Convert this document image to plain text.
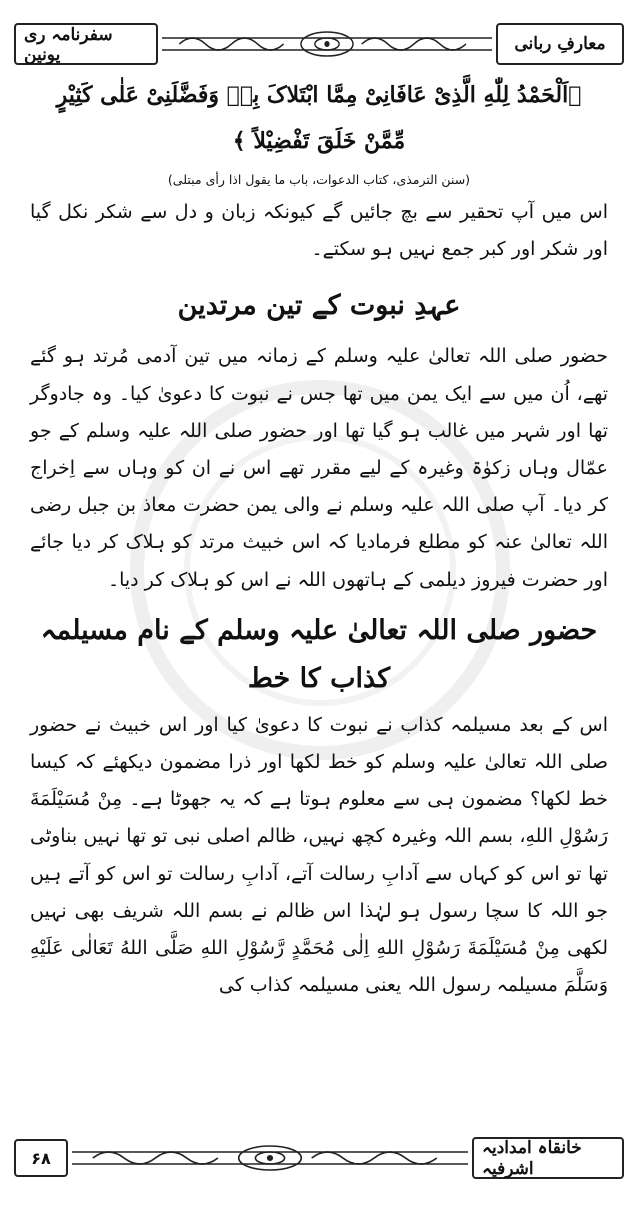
سفرنامہ ری یونین
معارفِ ربانی

﴿اَلْحَمْدُ لِلّٰهِ الَّذِیْ عَافَانِیْ مِمَّا ابْتَلاکَ بِهٖ وَفَضَّلَنِیْ عَلٰی كَثِیْرٍ

مِّمَّنْ خَلَقَ تَفْضِیْلاً ﴾

(سنن الترمذی، كتاب الدعوات، باب ما يقول اذا رأى مبتلى)

اس میں آپ تحقیر سے بچ جائیں گے کیونکہ زبان و دل سے شکر نکل گیا اور شکر اور کبر جمع نہیں ہو سکتے۔

عہدِ نبوت کے تین مرتدین

حضور صلی اللہ تعالیٰ علیہ وسلم کے زمانہ میں تین آدمی مُرتد ہو گئے تھے، اُن میں سے ایک یمن میں تھا جس نے نبوت کا دعویٰ کیا۔ وہ جادوگر تھا اور شہر میں غالب ہو گیا تھا اور حضور صلی اللہ علیہ وسلم کے جو عمّال وہاں زکوٰۃ وغیرہ کے لیے مقرر تھے اس نے ان کو وہاں سے اِخراج کر دیا۔ آپ صلی اللہ علیہ وسلم نے والی یمن حضرت معاذ بن جبل رضی اللہ تعالیٰ عنہ کو مطلع فرمادیا کہ اس خبیث مرتد کو ہلاک کر دیا جائے اور حضرت فیروز دیلمی کے ہاتھوں اللہ نے اس کو ہلاک کر دیا۔

حضور صلی اللہ تعالیٰ علیہ وسلم کے نام مسیلمہ کذاب کا خط

اس کے بعد مسیلمہ کذاب نے نبوت کا دعویٰ کیا اور اس خبیث نے حضور صلی اللہ تعالیٰ علیہ وسلم کو خط لکھا اور ذرا مضمون دیکھئے کہ کیسا خط لکھا؟ مضمون ہی سے معلوم ہوتا ہے کہ یہ جھوٹا ہے۔ مِنْ مُسَیْلَمَةَ رَسُوْلِ اللهِ، بسم اللہ وغیرہ کچھ نہیں، ظالم اصلی نبی تو تھا نہیں بناوٹی تھا تو اس کو کہاں سے آدابِ رسالت آتے، آدابِ رسالت تو اس کو آتے ہیں جو اللہ کا سچا رسول ہو لہٰذا اس ظالم نے بسم اللہ شریف بھی نہیں لکھی مِنْ مُسَیْلَمَةَ رَسُوْلِ اللهِ اِلٰی مُحَمَّدٍ رَّسُوْلِ اللهِ صَلَّی اللهُ تَعَالٰی عَلَیْهِ وَسَلَّمَ مسیلمہ رسول اللہ یعنی مسیلمہ کذاب کی

۶۸	خانقاہ امدادیہ اشرفیہ
